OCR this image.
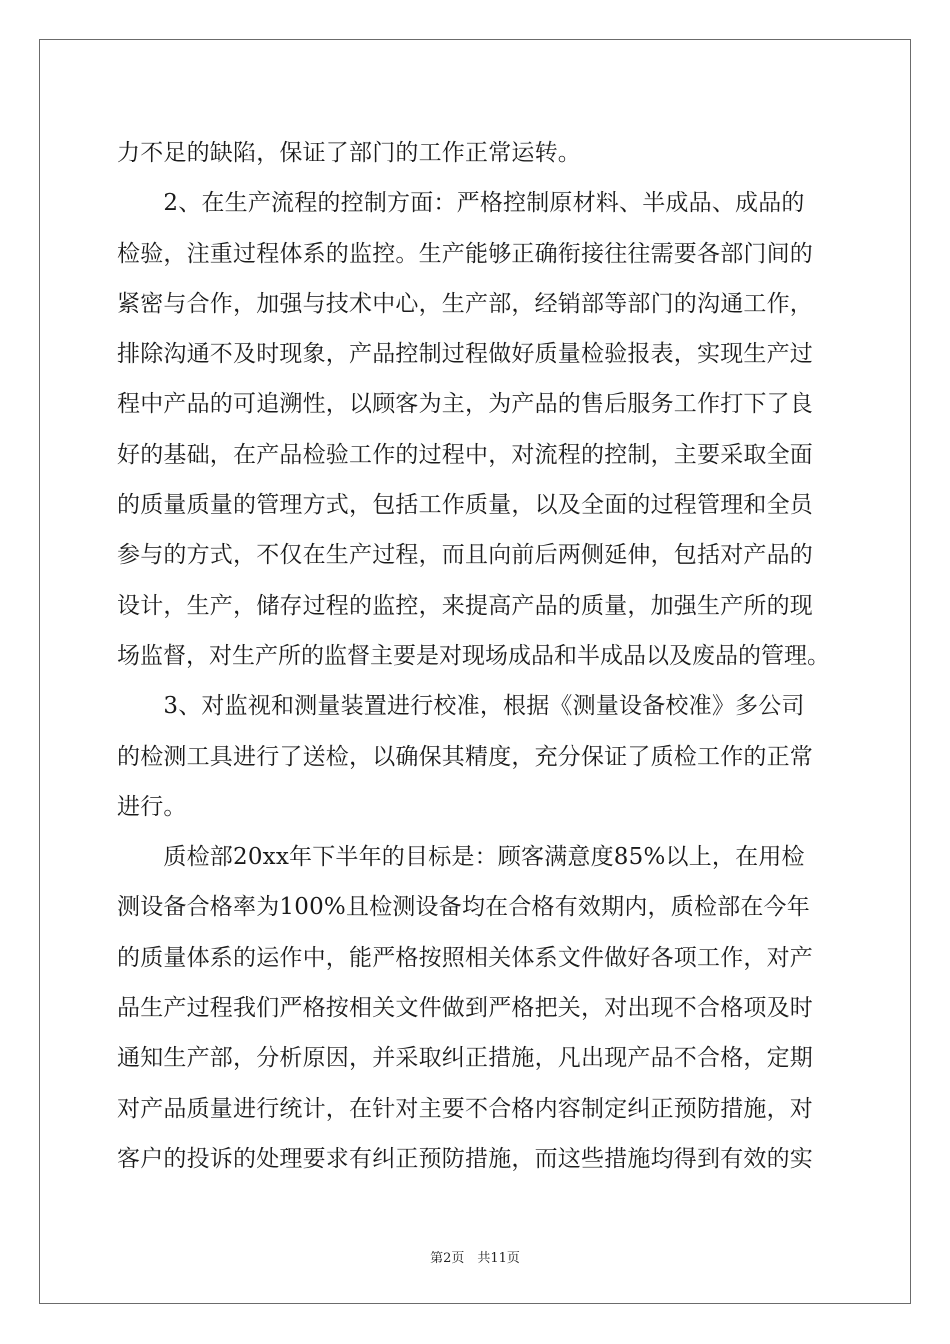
力不足的缺陷，保证了部门的工作正常运转。
　　2、在生产流程的控制方面：严格控制原材料、半成品、成品的
检验，注重过程体系的监控。生产能够正确衔接往往需要各部门间的
紧密与合作，加强与技术中心，生产部，经销部等部门的沟通工作，
排除沟通不及时现象，产品控制过程做好质量检验报表，实现生产过
程中产品的可追溯性，以顾客为主，为产品的售后服务工作打下了良
好的基础，在产品检验工作的过程中，对流程的控制，主要采取全面
的质量质量的管理方式，包括工作质量，以及全面的过程管理和全员
参与的方式，不仅在生产过程，而且向前后两侧延伸，包括对产品的
设计，生产，储存过程的监控，来提高产品的质量，加强生产所的现
场监督，对生产所的监督主要是对现场成品和半成品以及废品的管理。
　　3、对监视和测量装置进行校准，根据《测量设备校准》多公司
的检测工具进行了送检，以确保其精度，充分保证了质检工作的正常
进行。
　　质检部20xx年下半年的目标是：顾客满意度85%以上，在用检
测设备合格率为100%且检测设备均在合格有效期内，质检部在今年
的质量体系的运作中，能严格按照相关体系文件做好各项工作，对产
品生产过程我们严格按相关文件做到严格把关，对出现不合格项及时
通知生产部，分析原因，并采取纠正措施，凡出现产品不合格，定期
对产品质量进行统计，在针对主要不合格内容制定纠正预防措施，对
客户的投诉的处理要求有纠正预防措施，而这些措施均得到有效的实
第2页　共11页
